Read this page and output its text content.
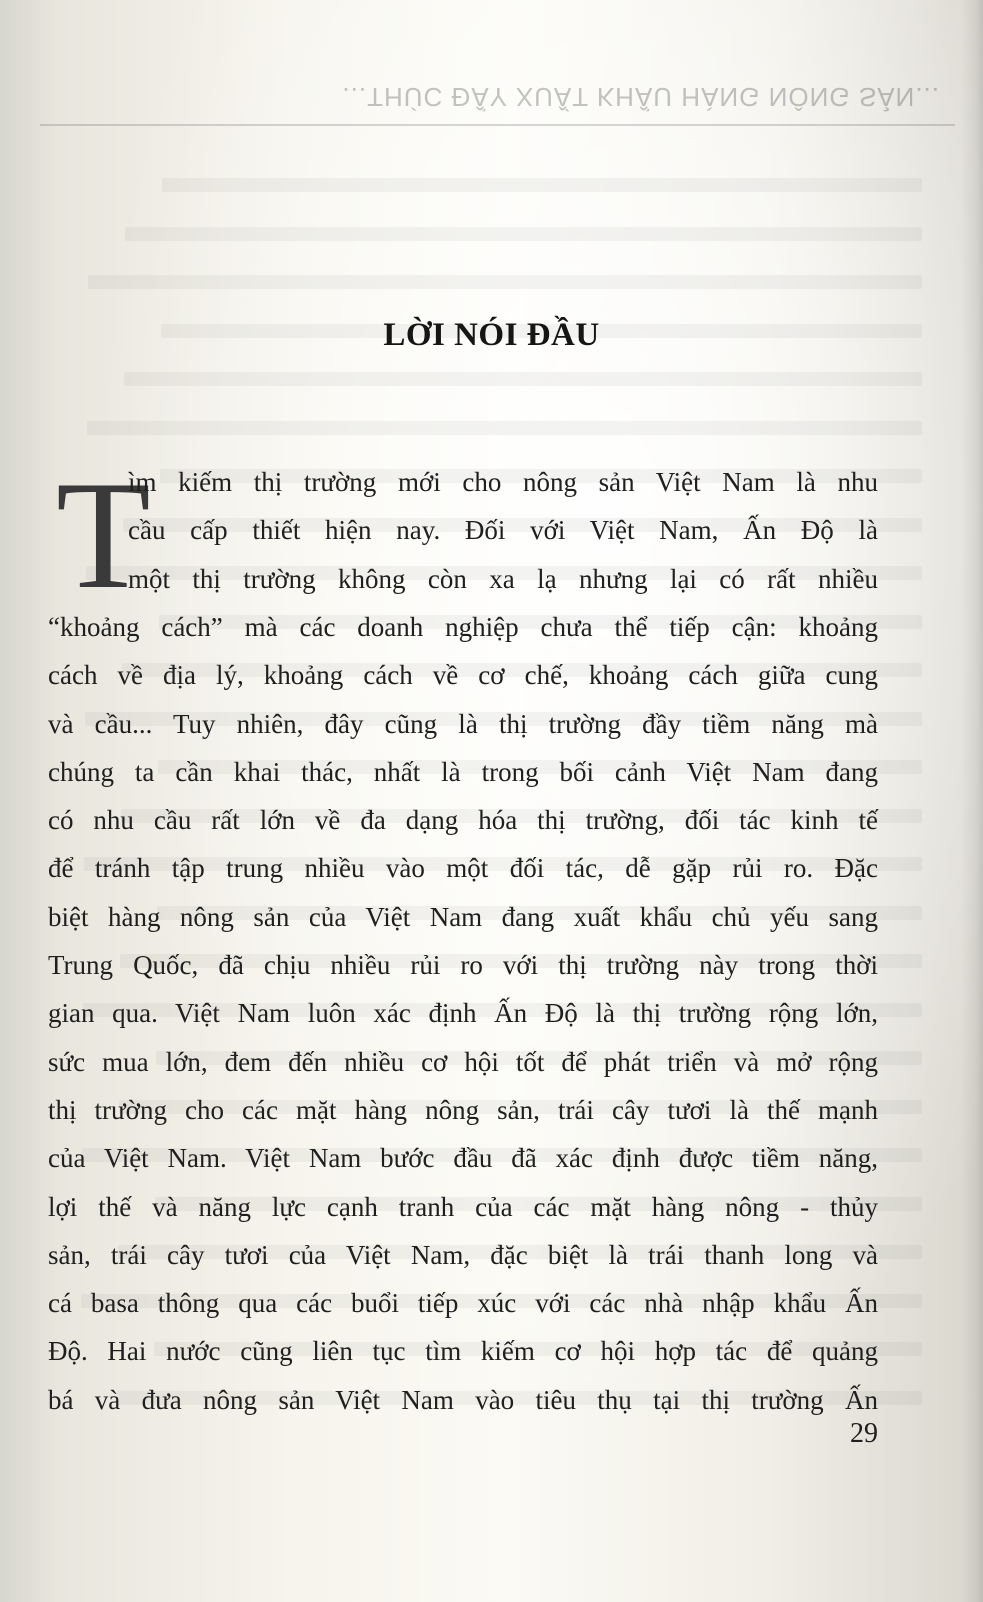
...THÚC ĐẨY XUẤT KHẨU HÀNG NÔNG SẢN...
LỜI NÓI ĐẦU
T
ìm kiếm thị trường mới cho nông sản Việt Nam là nhu
cầu cấp thiết hiện nay. Đối với Việt Nam, Ấn Độ là
một thị trường không còn xa lạ nhưng lại có rất nhiều
“khoảng cách” mà các doanh nghiệp chưa thể tiếp cận: khoảng
cách về địa lý, khoảng cách về cơ chế, khoảng cách giữa cung
và cầu... Tuy nhiên, đây cũng là thị trường đầy tiềm năng mà
chúng ta cần khai thác, nhất là trong bối cảnh Việt Nam đang
có nhu cầu rất lớn về đa dạng hóa thị trường, đối tác kinh tế
để tránh tập trung nhiều vào một đối tác, dễ gặp rủi ro. Đặc
biệt hàng nông sản của Việt Nam đang xuất khẩu chủ yếu sang
Trung Quốc, đã chịu nhiều rủi ro với thị trường này trong thời
gian qua. Việt Nam luôn xác định Ấn Độ là thị trường rộng lớn,
sức mua lớn, đem đến nhiều cơ hội tốt để phát triển và mở rộng
thị trường cho các mặt hàng nông sản, trái cây tươi là thế mạnh
của Việt Nam. Việt Nam bước đầu đã xác định được tiềm năng,
lợi thế và năng lực cạnh tranh của các mặt hàng nông - thủy
sản, trái cây tươi của Việt Nam, đặc biệt là trái thanh long và
cá basa thông qua các buổi tiếp xúc với các nhà nhập khẩu Ấn
Độ. Hai nước cũng liên tục tìm kiếm cơ hội hợp tác để quảng
bá và đưa nông sản Việt Nam vào tiêu thụ tại thị trường Ấn
29
